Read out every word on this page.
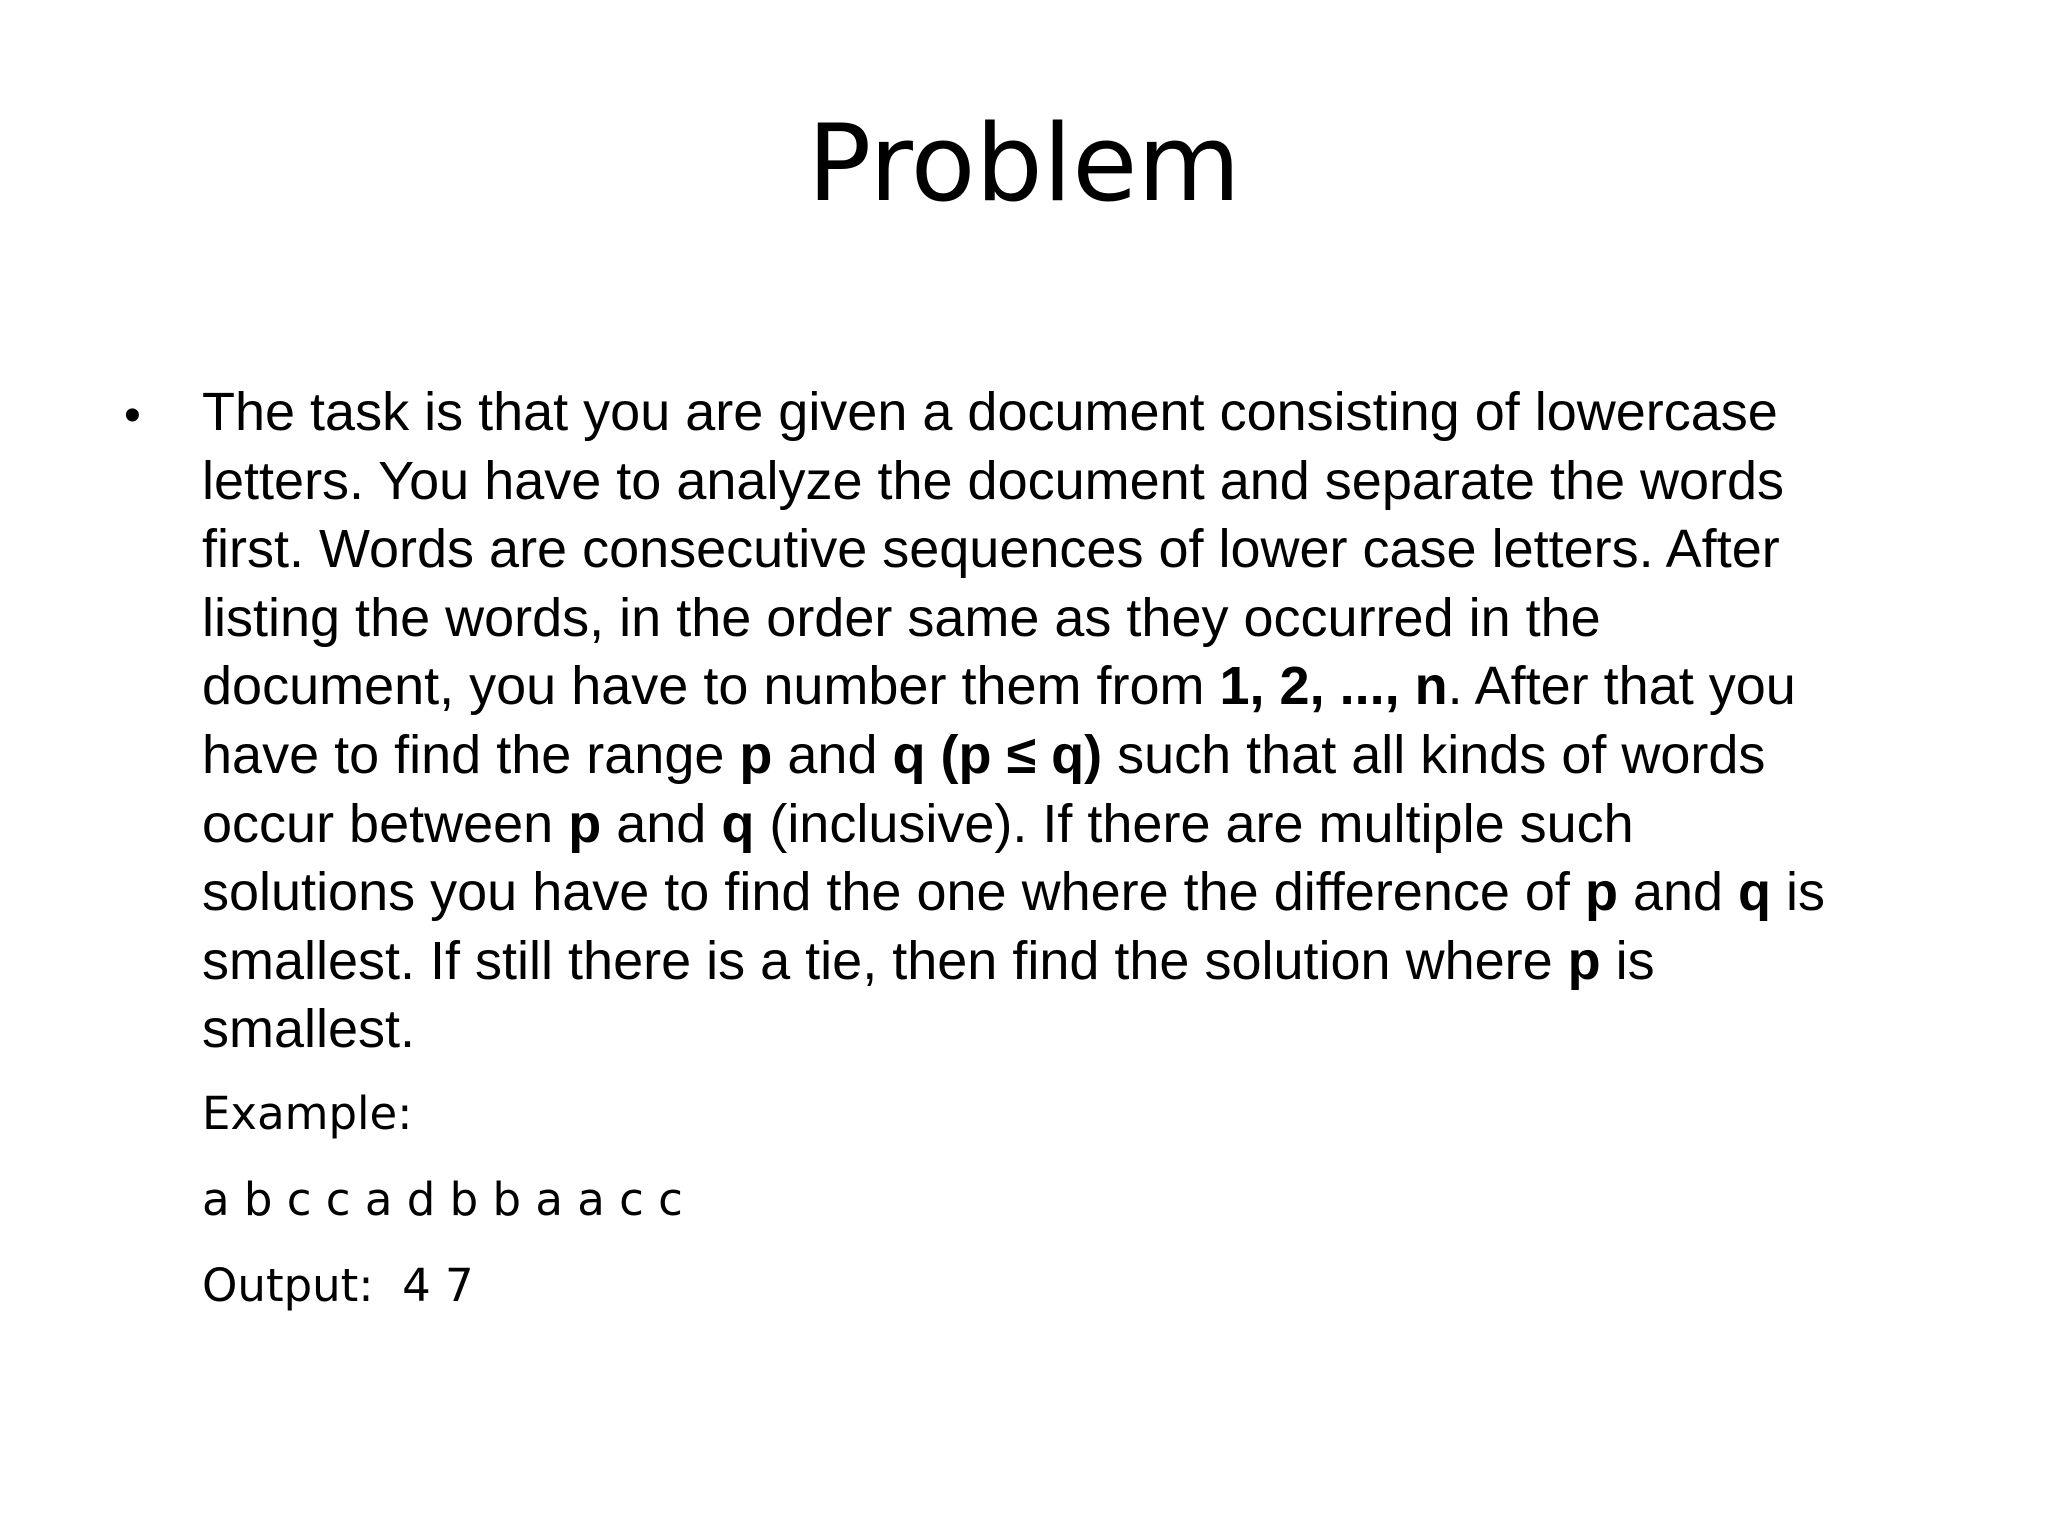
Problem
• The task is that you are given a document consisting of lowercase
letters. You have to analyze the document and separate the words
first. Words are consecutive sequences of lower case letters. After
listing the words, in the order same as they occurred in the
document, you have to number them from 1, 2, ..., n. After that you
have to find the range p and q (p ≤ q) such that all kinds of words
occur between p and q (inclusive). If there are multiple such
solutions you have to find the one where the difference of p and q is
smallest. If still there is a tie, then find the solution where p is
smallest.

Example:

a b c c a d b b a a c c

Output:  4 7
